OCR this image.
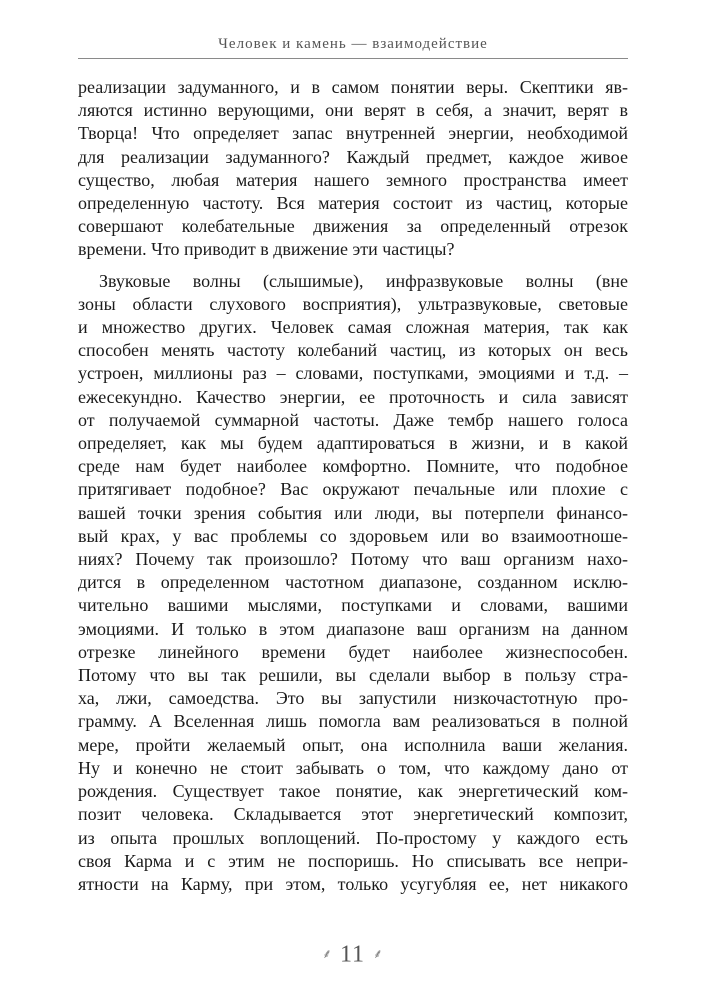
Человек и камень — взаимодействие
реализации задуманного, и в самом понятии веры. Скептики яв-
ляются истинно верующими, они верят в себя, а значит, верят в
Творца! Что определяет запас внутренней энергии, необходимой
для реализации задуманного? Каждый предмет, каждое живое
существо, любая материя нашего земного пространства имеет
определенную частоту. Вся материя состоит из частиц, которые
совершают колебательные движения за определенный отрезок
времени. Что приводит в движение эти частицы?
Звуковые волны (слышимые), инфразвуковые волны (вне
зоны области слухового восприятия), ультразвуковые, световые
и множество других. Человек самая сложная материя, так как
способен менять частоту колебаний частиц, из которых он весь
устроен, миллионы раз – словами, поступками, эмоциями и т.д. –
ежесекундно. Качество энергии, ее проточность и сила зависят
от получаемой суммарной частоты. Даже тембр нашего голоса
определяет, как мы будем адаптироваться в жизни, и в какой
среде нам будет наиболее комфортно. Помните, что подобное
притягивает подобное? Вас окружают печальные или плохие с
вашей точки зрения события или люди, вы потерпели финансо-
вый крах, у вас проблемы со здоровьем или во взаимоотноше-
ниях? Почему так произошло? Потому что ваш организм нахо-
дится в определенном частотном диапазоне, созданном исклю-
чительно вашими мыслями, поступками и словами, вашими
эмоциями. И только в этом диапазоне ваш организм на данном
отрезке линейного времени будет наиболее жизнеспособен.
Потому что вы так решили, вы сделали выбор в пользу стра-
ха, лжи, самоедства. Это вы запустили низкочастотную про-
грамму. А Вселенная лишь помогла вам реализоваться в полной
мере, пройти желаемый опыт, она исполнила ваши желания.
Ну и конечно не стоит забывать о том, что каждому дано от
рождения. Существует такое понятие, как энергетический ком-
позит человека. Складывается этот энергетический композит,
из опыта прошлых воплощений. По-простому у каждого есть
своя Карма и с этим не поспоришь. Но списывать все непри-
ятности на Карму, при этом, только усугубляя ее, нет никакого
⸙ 11 ⸙
